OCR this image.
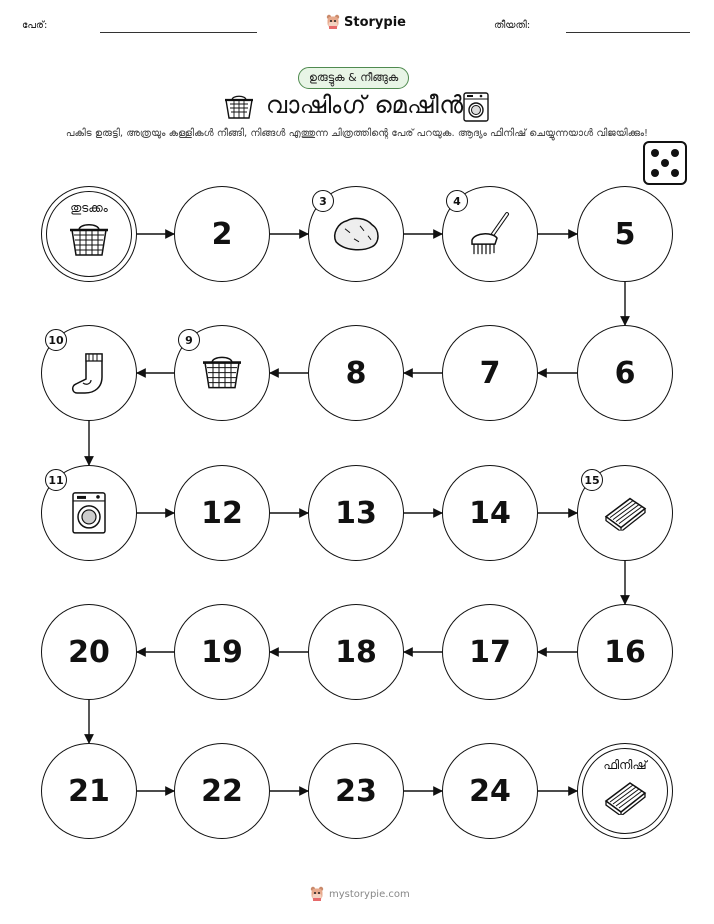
പേര്:	Storypie	തീയതി:
ഉരുട്ടുക & നീങ്ങുക
വാഷിംഗ് മെഷീൻ
പകിട ഉരുട്ടി, അത്രയും കള്ളികൾ നീങ്ങി, നിങ്ങൾ എത്തുന്ന ചിത്രത്തിന്റെ പേര് പറയുക. ആദ്യം ഫിനിഷ് ചെയ്യുന്നയാൾ വിജയിക്കും!
തുടക്കം
2
3	4
5
6
7
8
9
10
11
12	13	14
15
16
17
18
19
20
21	22	23	24
ഫിനിഷ്
mystorypie.com
